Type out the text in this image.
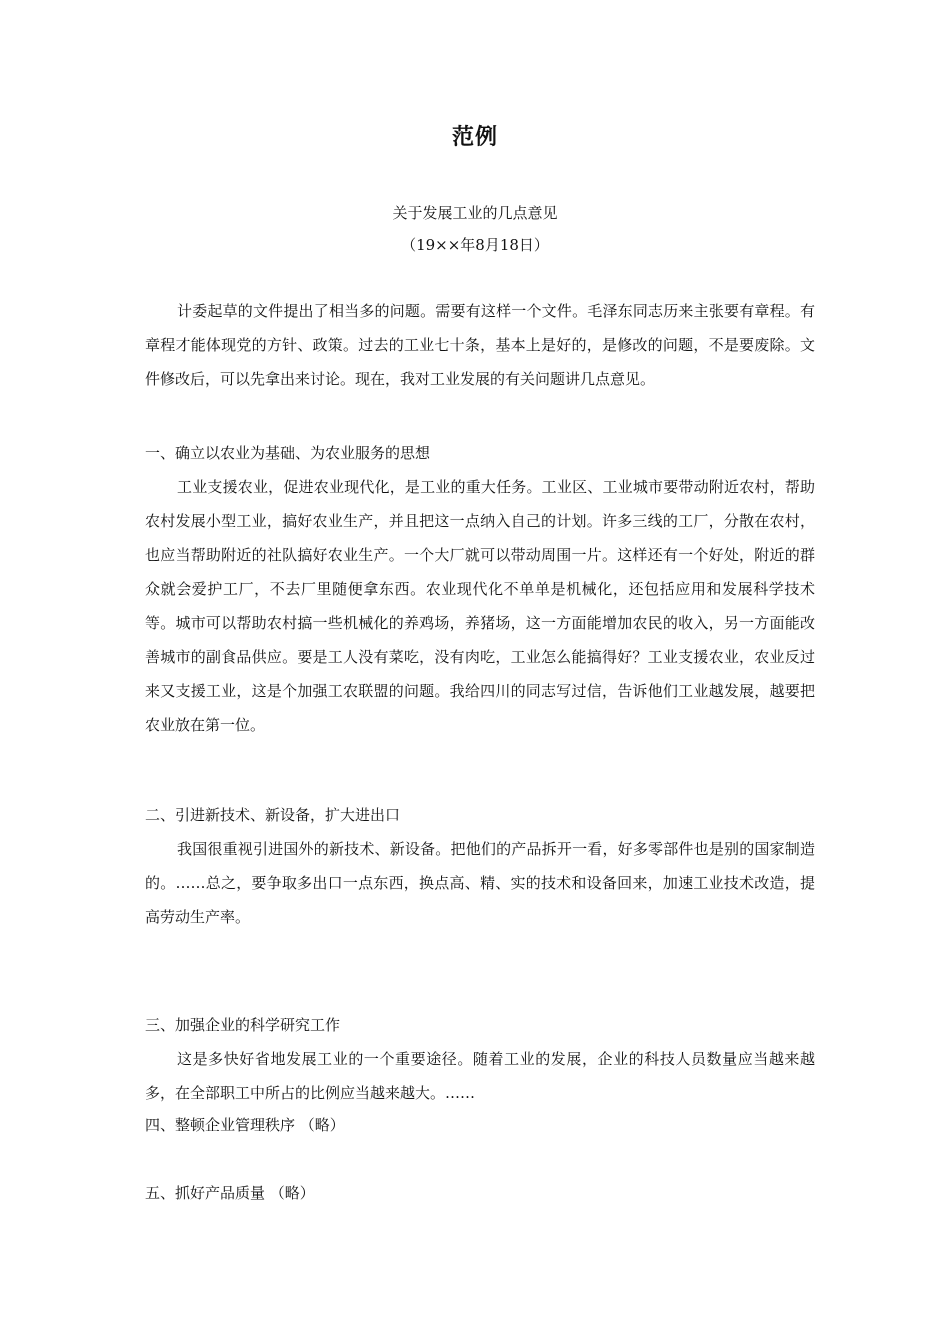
范例
关于发展工业的几点意见
（19××年8月18日）

计委起草的文件提出了相当多的问题。需要有这样一个文件。毛泽东同志历来主张要有章程。有章程才能体现党的方针、政策。过去的工业七十条，基本上是好的，是修改的问题，不是要废除。文件修改后，可以先拿出来讨论。现在，我对工业发展的有关问题讲几点意见。

一、确立以农业为基础、为农业服务的思想

工业支援农业，促进农业现代化，是工业的重大任务。工业区、工业城市要带动附近农村，帮助农村发展小型工业，搞好农业生产，并且把这一点纳入自己的计划。许多三线的工厂，分散在农村，也应当帮助附近的社队搞好农业生产。一个大厂就可以带动周围一片。这样还有一个好处，附近的群众就会爱护工厂，不去厂里随便拿东西。农业现代化不单单是机械化，还包括应用和发展科学技术等。城市可以帮助农村搞一些机械化的养鸡场，养猪场，这一方面能增加农民的收入，另一方面能改善城市的副食品供应。要是工人没有菜吃，没有肉吃，工业怎么能搞得好？工业支援农业，农业反过来又支援工业，这是个加强工农联盟的问题。我给四川的同志写过信，告诉他们工业越发展，越要把农业放在第一位。

二、引进新技术、新设备，扩大进出口

我国很重视引进国外的新技术、新设备。把他们的产品拆开一看，好多零部件也是别的国家制造的。……总之，要争取多出口一点东西，换点高、精、实的技术和设备回来，加速工业技术改造，提高劳动生产率。

三、加强企业的科学研究工作

这是多快好省地发展工业的一个重要途径。随着工业的发展，企业的科技人员数量应当越来越多，在全部职工中所占的比例应当越来越大。……

四、整顿企业管理秩序 （略）

五、抓好产品质量 （略）
